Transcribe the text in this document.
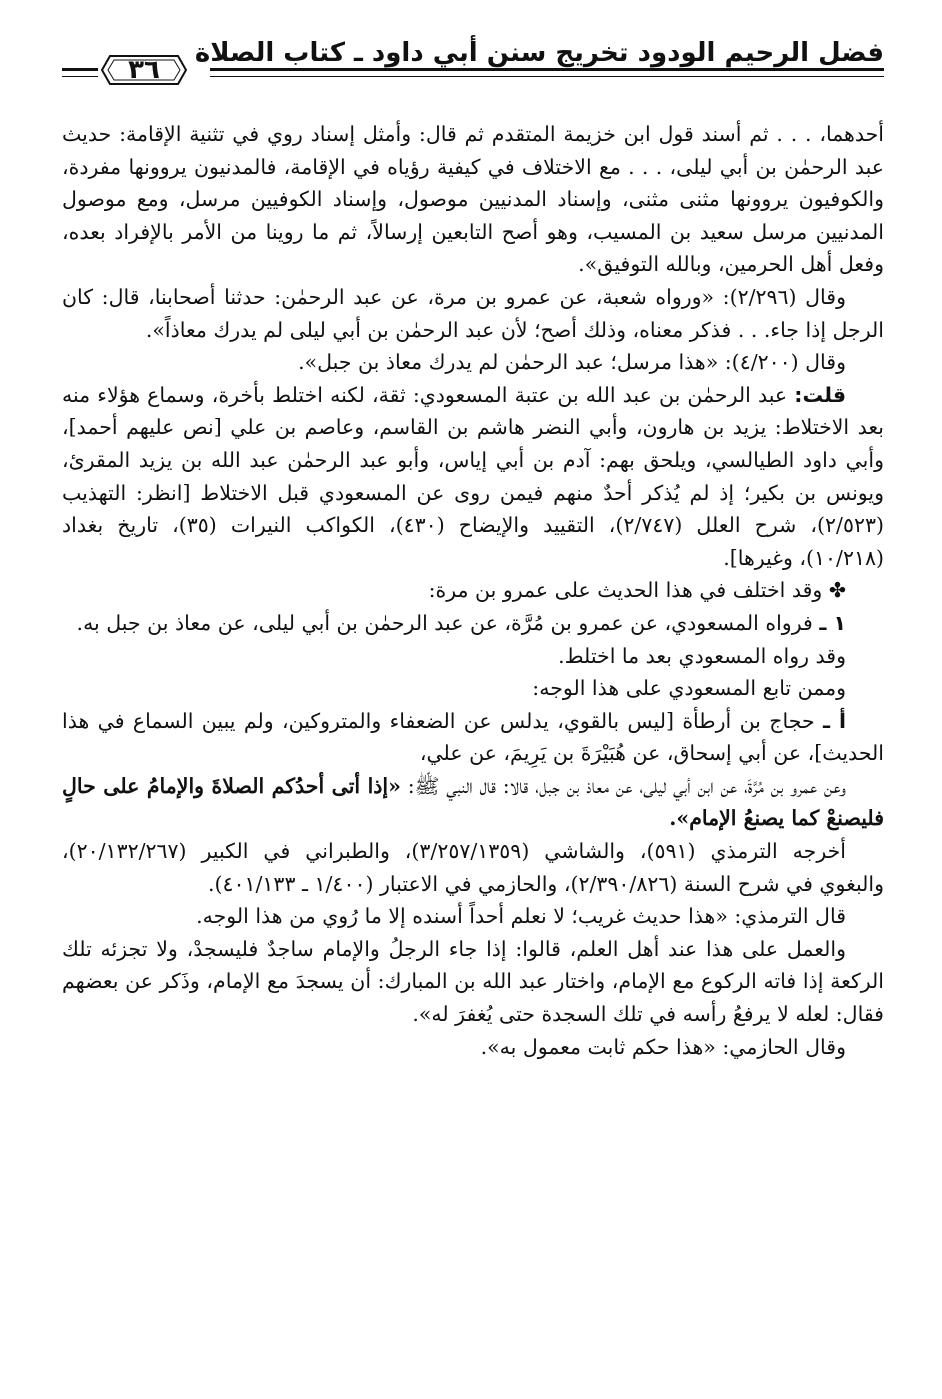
فضل الرحيم الودود تخريج سنن أبي داود ـ كتاب الصلاة
٣٦

أحدهما، . . . ثم أسند قول ابن خزيمة المتقدم ثم قال: وأمثل إسناد روي في تثنية الإقامة: حديث عبد الرحمٰن بن أبي ليلى، . . . مع الاختلاف في كيفية رؤياه في الإقامة، فالمدنيون يروونها مفردة، والكوفيون يروونها مثنى مثنى، وإسناد المدنيين موصول، وإسناد الكوفيين مرسل، ومع موصول المدنيين مرسل سعيد بن المسيب، وهو أصح التابعين إرسالاً، ثم ما روينا من الأمر بالإفراد بعده، وفعل أهل الحرمين، وبالله التوفيق».

وقال (٢/٢٩٦): «ورواه شعبة، عن عمرو بن مرة، عن عبد الرحمٰن: حدثنا أصحابنا، قال: كان الرجل إذا جاء. . . فذكر معناه، وذلك أصح؛ لأن عبد الرحمٰن بن أبي ليلى لم يدرك معاذاً».

وقال (٤/٢٠٠): «هذا مرسل؛ عبد الرحمٰن لم يدرك معاذ بن جبل».

قلت: عبد الرحمٰن بن عبد الله بن عتبة المسعودي: ثقة، لكنه اختلط بأخرة، وسماع هؤلاء منه بعد الاختلاط: يزيد بن هارون، وأبي النضر هاشم بن القاسم، وعاصم بن علي [نص عليهم أحمد]، وأبي داود الطيالسي، ويلحق بهم: آدم بن أبي إياس، وأبو عبد الرحمٰن عبد الله بن يزيد المقرئ، ويونس بن بكير؛ إذ لم يُذكر أحدٌ منهم فيمن روى عن المسعودي قبل الاختلاط [انظر: التهذيب (٢/٥٢٣)، شرح العلل (٢/٧٤٧)، التقييد والإيضاح (٤٣٠)، الكواكب النيرات (٣٥)، تاريخ بغداد (١٠/٢١٨)، وغيرها].

✤ وقد اختلف في هذا الحديث على عمرو بن مرة:

١ ـ فرواه المسعودي، عن عمرو بن مُرَّة، عن عبد الرحمٰن بن أبي ليلى، عن معاذ بن جبل به.

وقد رواه المسعودي بعد ما اختلط.

وممن تابع المسعودي على هذا الوجه:

أ ـ حجاج بن أرطأة [ليس بالقوي، يدلس عن الضعفاء والمتروكين، ولم يبين السماع في هذا الحديث]، عن أبي إسحاق، عن هُبَيْرَةَ بن يَرِيمَ، عن علي،

وعن عمرو بن مُرَّةَ، عن ابن أبي ليلى، عن معاذ بن جبل، قالا: قال النبي ﷺ: «إذا أتى أحدُكم الصلاةَ والإمامُ على حالٍ فليصنعْ كما يصنعُ الإمام».

أخرجه الترمذي (٥٩١)، والشاشي (٣/٢٥٧/١٣٥٩)، والطبراني في الكبير (٢٠/١٣٢/٢٦٧)، والبغوي في شرح السنة (٢/٣٩٠/٨٢٦)، والحازمي في الاعتبار (١/٤٠٠ ـ ٤٠١/١٣٣).

قال الترمذي: «هذا حديث غريب؛ لا نعلم أحداً أسنده إلا ما رُوي من هذا الوجه.

والعمل على هذا عند أهل العلم، قالوا: إذا جاء الرجلُ والإمام ساجدٌ فليسجدْ، ولا تجزئه تلك الركعة إذا فاته الركوع مع الإمام، واختار عبد الله بن المبارك: أن يسجدَ مع الإمام، وذَكر عن بعضهم فقال: لعله لا يرفعُ رأسه في تلك السجدة حتى يُغفرَ له».

وقال الحازمي: «هذا حكم ثابت معمول به».
